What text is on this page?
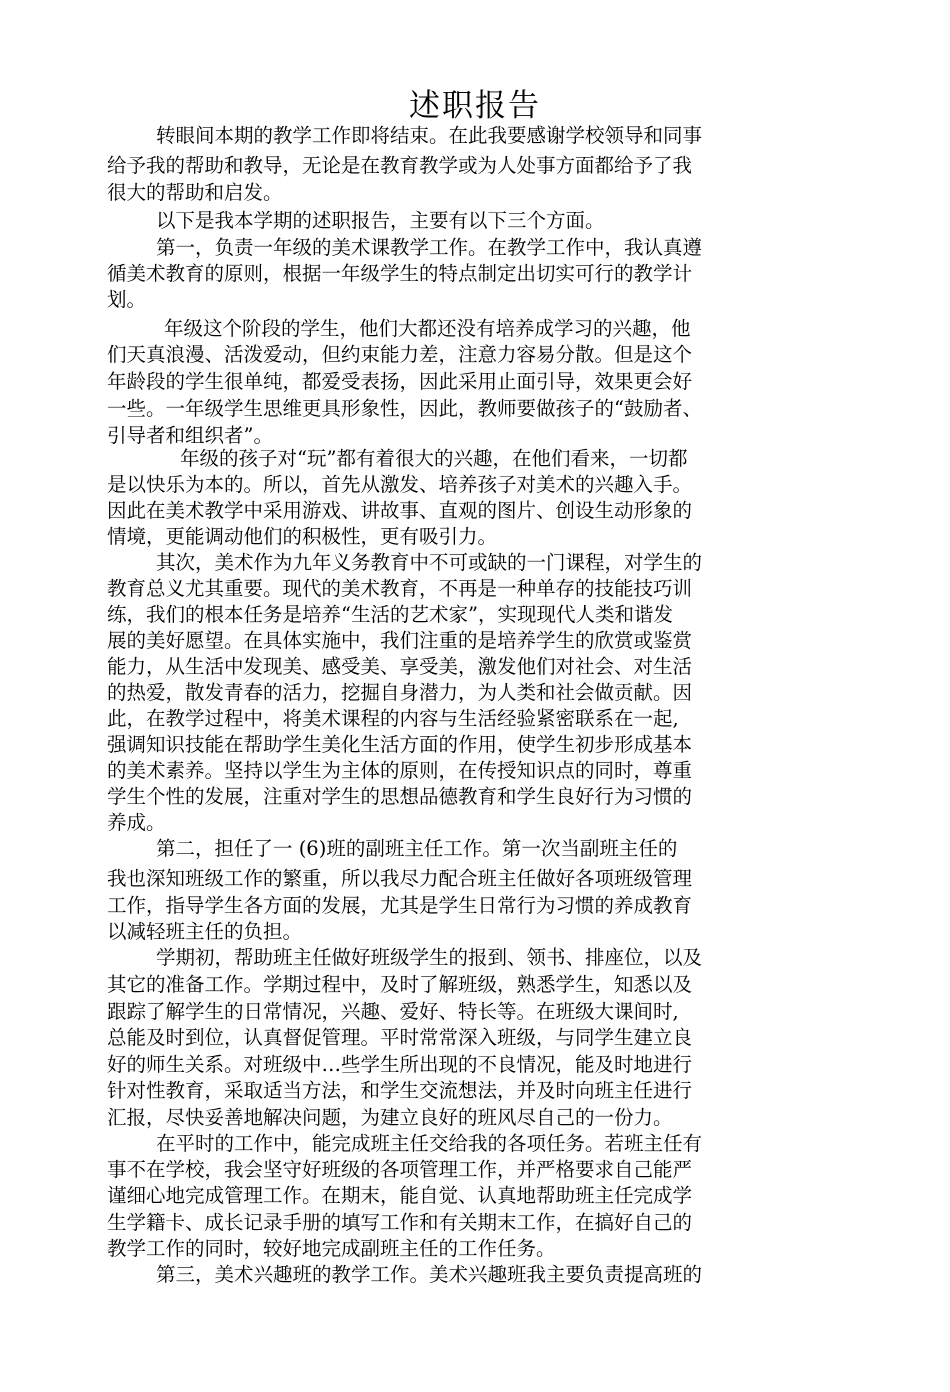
述职报告
转眼间本期的教学工作即将结束。在此我要感谢学校领导和同事
给予我的帮助和教导，无论是在教育教学或为人处事方面都给予了我
很大的帮助和启发。
以下是我本学期的述职报告，主要有以下三个方面。
第一，负责一年级的美术课教学工作。在教学工作中，我认真遵
循美术教育的原则，根据一年级学生的特点制定出切实可行的教学计
划。
年级这个阶段的学生，他们大都还没有培养成学习的兴趣，他
们天真浪漫、活泼爱动，但约束能力差，注意力容易分散。但是这个
年龄段的学生很单纯，都爱受表扬，因此采用止面引导，效果更会好
一些。一年级学生思维更具形象性，因此，教师要做孩子的“鼓励者、
引导者和组织者”。
年级的孩子对“玩”都有着很大的兴趣，在他们看来，一切都
是以快乐为本的。所以，首先从激发、培养孩子对美术的兴趣入手。
因此在美术教学中采用游戏、讲故事、直观的图片、创设生动形象的
情境，更能调动他们的积极性，更有吸引力。
其次，美术作为九年义务教育中不可或缺的一门课程，对学生的
教育总义尤其重要。现代的美术教育，不再是一种单存的技能技巧训
练，我们的根本任务是培养“生活的艺术家”，实现现代人类和谐发
展的美好愿望。在具体实施中，我们注重的是培养学生的欣赏或鉴赏
能力，从生活中发现美、感受美、享受美，激发他们对社会、对生活
的热爱，散发青春的活力，挖掘自身潜力，为人类和社会做贡献。因
此，在教学过程中，将美术课程的内容与生活经验紧密联系在一起,
强调知识技能在帮助学生美化生活方面的作用，使学生初步形成基本
的美术素养。坚持以学生为主体的原则，在传授知识点的同时，尊重
学生个性的发展，注重对学生的思想品德教育和学生良好行为习惯的
养成。
第二，担任了一 (6)班的副班主任工作。第一次当副班主任的
我也深知班级工作的繁重，所以我尽力配合班主任做好各项班级管理
工作，指导学生各方面的发展，尤其是学生日常行为习惯的养成教育
以减轻班主任的负担。
学期初，帮助班主任做好班级学生的报到、领书、排座位，以及
其它的准备工作。学期过程中，及时了解班级，熟悉学生，知悉以及
跟踪了解学生的日常情况，兴趣、爱好、特长等。在班级大课间时,
总能及时到位，认真督促管理。平时常常深入班级，与同学生建立良
好的师生关系。对班级中…些学生所出现的不良情况，能及时地进行
针对性教育，采取适当方法，和学生交流想法，并及时向班主任进行
汇报，尽快妥善地解决问题，为建立良好的班风尽自己的一份力。
在平时的工作中，能完成班主任交给我的各项任务。若班主任有
事不在学校，我会坚守好班级的各项管理工作，并严格要求自己能严
谨细心地完成管理工作。在期末，能自觉、认真地帮助班主任完成学
生学籍卡、成长记录手册的填写工作和有关期末工作，在搞好自己的
教学工作的同时，较好地完成副班主任的工作任务。
第三，美术兴趣班的教学工作。美术兴趣班我主要负责提高班的
